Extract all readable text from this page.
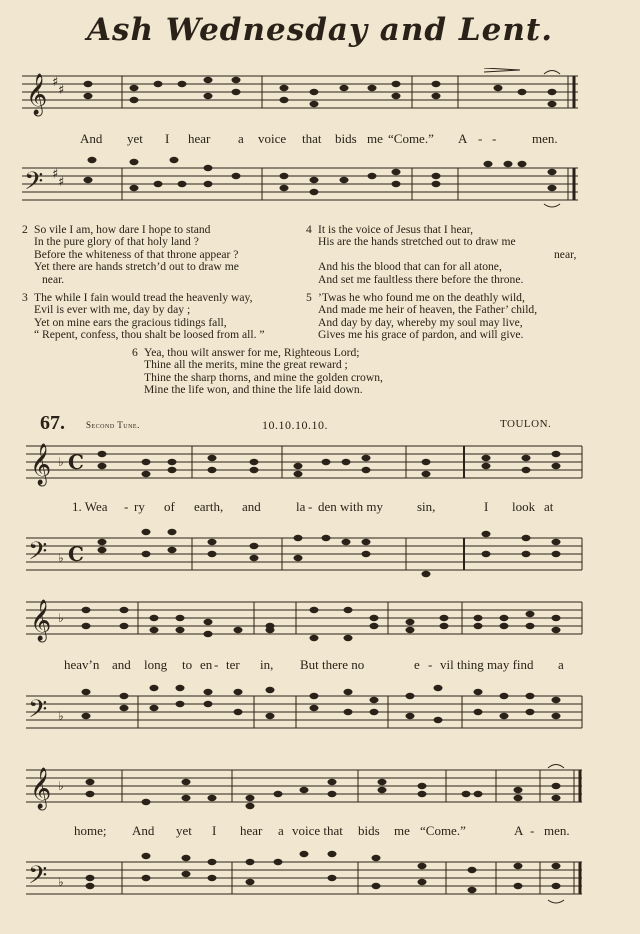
Ash Wednesday and Lent.
𝄞 ♯
♯
And yet I hear a voice that bids me “Come.” A - -	men.
𝄢 ♯
♯
2 So vile I am, how dare I hope to stand
In the pure glory of that holy land ?
Before the whiteness of that throne appear ?
Yet there are hands stretch’d out to draw me
near.
3 The while I fain would tread the heavenly way,
Evil is ever with me, day by day ;
Yet on mine ears the gracious tidings fall,
“ Repent, confess, thou shalt be loosed from all. ”
4 It is the voice of Jesus that I hear,
His are the hands stretched out to draw me
near,
And his the blood that can for all atone,
And set me faultless there before the throne.
5 ’Twas he who found me on the deathly wild,
And made me heir of heaven, the Father’ child,
And day by day, whereby my soul may live,
Gives me his grace of pardon, and will give.
6 Yea, thou wilt answer for me, Righteous Lord;
Thine all the merits, mine the great reward ;
Thine the sharp thorns, and mine the golden crown,
Mine the life won, and thine the life laid down.
67. Second Tune.	10.10.10.10.	TOULON.
𝄞 ♭ C
1. Wea - ry of earth, and	la - den with my	sin,	I look at
𝄢 ♭ C
𝄞 ♭
heav’n and long to en - ter in, But there no	e - vil thing may find a
𝄢 ♭
𝄞 ♭
home; And yet I hear a voice that bids me “Come.”	A - men.
𝄢 ♭
